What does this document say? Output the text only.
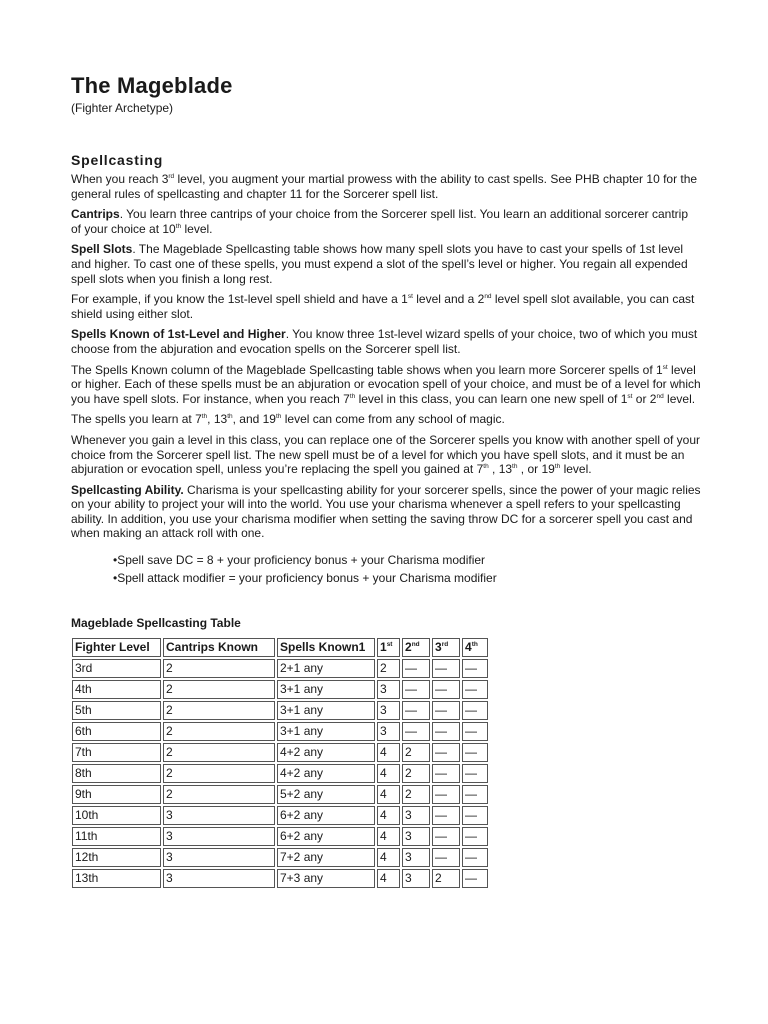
The Mageblade
(Fighter Archetype)
Spellcasting

When you reach 3rd level, you augment your martial prowess with the ability to cast spells. See PHB chapter 10 for the general rules of spellcasting and chapter 11 for the Sorcerer spell list.

Cantrips. You learn three cantrips of your choice from the Sorcerer spell list. You learn an additional sorcerer cantrip of your choice at 10th level.

Spell Slots. The Mageblade Spellcasting table shows how many spell slots you have to cast your spells of 1st level and higher. To cast one of these spells, you must expend a slot of the spell’s level or higher. You regain all expended spell slots when you finish a long rest.

For example, if you know the 1st-level spell shield and have a 1st level and a 2nd level spell slot available, you can cast shield using either slot.

Spells Known of 1st-Level and Higher. You know three 1st-level wizard spells of your choice, two of which you must choose from the abjuration and evocation spells on the Sorcerer spell list.

The Spells Known column of the Mageblade Spellcasting table shows when you learn more Sorcerer spells of 1st level or higher. Each of these spells must be an abjuration or evocation spell of your choice, and must be of a level for which you have spell slots. For instance, when you reach 7th level in this class, you can learn one new spell of 1st or 2nd level.

The spells you learn at 7th, 13th, and 19th level can come from any school of magic.

Whenever you gain a level in this class, you can replace one of the Sorcerer spells you know with another spell of your choice from the Sorcerer spell list. The new spell must be of a level for which you have spell slots, and it must be an abjuration or evocation spell, unless you’re replacing the spell you gained at 7th , 13th , or 19th level.

Spellcasting Ability. Charisma is your spellcasting ability for your sorcerer spells, since the power of your magic relies on your ability to project your will into the world. You use your charisma whenever a spell refers to your spellcasting ability. In addition, you use your charisma modifier when setting the saving throw DC for a sorcerer spell you cast and when making an attack roll with one.

•Spell save DC = 8 + your proficiency bonus + your Charisma modifier
•Spell attack modifier = your proficiency bonus + your Charisma modifier
Mageblade Spellcasting Table
Fighter Level	Cantrips Known	Spells Known1	1st	2nd	3rd	4th
3rd	2	2+1 any	2	—	—	—
4th	2	3+1 any	3	—	—	—
5th	2	3+1 any	3	—	—	—
6th	2	3+1 any	3	—	—	—
7th	2	4+2 any	4	2	—	—
8th	2	4+2 any	4	2	—	—
9th	2	5+2 any	4	2	—	—
10th	3	6+2 any	4	3	—	—
11th	3	6+2 any	4	3	—	—
12th	3	7+2 any	4	3	—	—
13th	3	7+3 any	4	3	2	—
